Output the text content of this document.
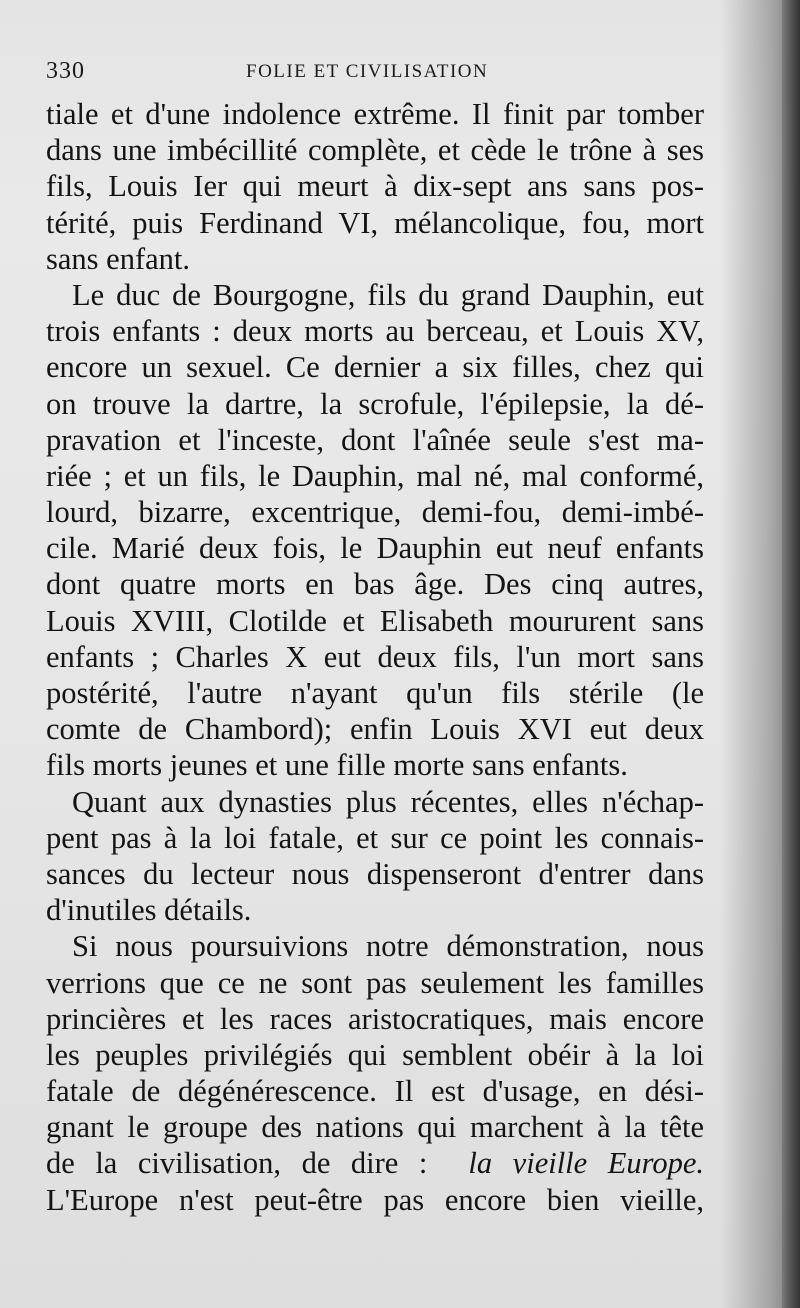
330	FOLIE ET CIVILISATION
tiale et d'une indolence extrême. Il finit par tomber
dans une imbécillité complète, et cède le trône à ses
fils, Louis Ier qui meurt à dix-sept ans sans pos-
térité, puis Ferdinand VI, mélancolique, fou, mort
sans enfant.
Le duc de Bourgogne, fils du grand Dauphin, eut
trois enfants : deux morts au berceau, et Louis XV,
encore un sexuel. Ce dernier a six filles, chez qui
on trouve la dartre, la scrofule, l'épilepsie, la dé-
pravation et l'inceste, dont l'aînée seule s'est ma-
riée ; et un fils, le Dauphin, mal né, mal conformé,
lourd, bizarre, excentrique, demi-fou, demi-imbé-
cile. Marié deux fois, le Dauphin eut neuf enfants
dont quatre morts en bas âge. Des cinq autres,
Louis XVIII, Clotilde et Elisabeth moururent sans
enfants ; Charles X eut deux fils, l'un mort sans
postérité, l'autre n'ayant qu'un fils stérile (le
comte de Chambord); enfin Louis XVI eut deux
fils morts jeunes et une fille morte sans enfants.
Quant aux dynasties plus récentes, elles n'échap-
pent pas à la loi fatale, et sur ce point les connais-
sances du lecteur nous dispenseront d'entrer dans
d'inutiles détails.
Si nous poursuivions notre démonstration, nous
verrions que ce ne sont pas seulement les familles
princières et les races aristocratiques, mais encore
les peuples privilégiés qui semblent obéir à la loi
fatale de dégénérescence. Il est d'usage, en dési-
gnant le groupe des nations qui marchent à la tête
de la civilisation, de dire : la vieille Europe.
L'Europe n'est peut-être pas encore bien vieille,
